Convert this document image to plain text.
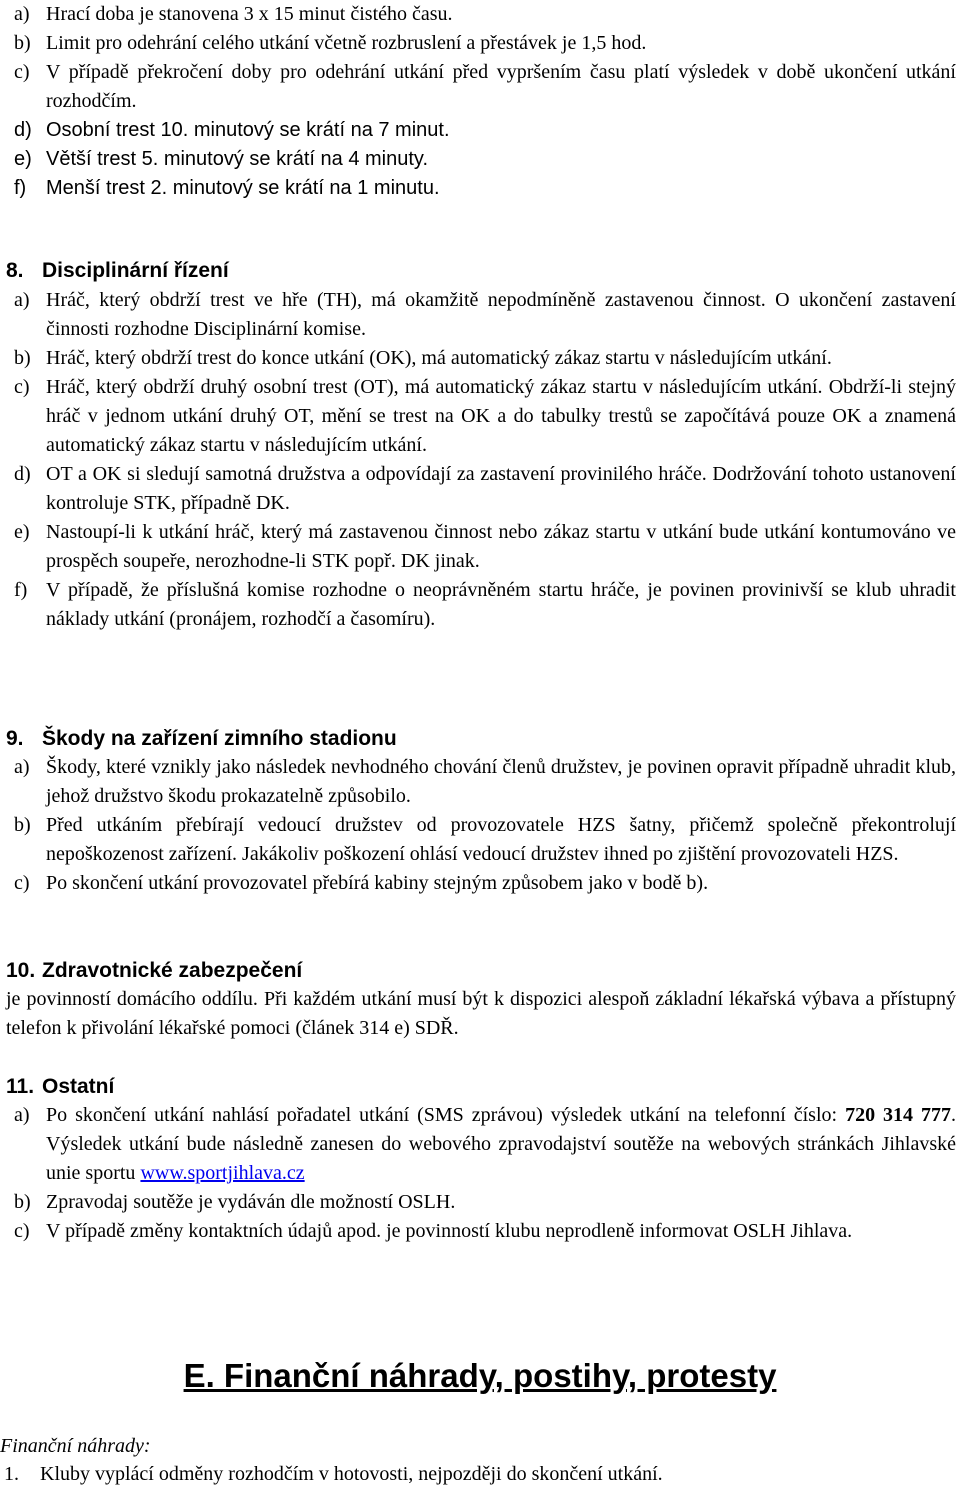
a) Hrací doba je stanovena 3 x 15 minut čistého času.
b) Limit pro odehrání celého utkání včetně rozbruslení a přestávek je 1,5 hod.
c) V případě překročení doby pro odehrání utkání před vypršením času platí výsledek v době ukončení utkání rozhodčím.
d) Osobní trest 10. minutový se krátí na 7 minut.
e) Větší trest 5. minutový se krátí na 4 minuty.
f) Menší trest 2. minutový se krátí na 1 minutu.
8. Disciplinární řízení
a) Hráč, který obdrží trest ve hře (TH), má okamžitě nepodmíněně zastavenou činnost. O ukončení zastavení činnosti rozhodne Disciplinární komise.
b) Hráč, který obdrží trest do konce utkání (OK), má automatický zákaz startu v následujícím utkání.
c) Hráč, který obdrží druhý osobní trest (OT), má automatický zákaz startu v následujícím utkání. Obdrží-li stejný hráč v jednom utkání druhý OT, mění se trest na OK a do tabulky trestů se započítává pouze OK a znamená automatický zákaz startu v následujícím utkání.
d) OT a OK si sledují samotná družstva a odpovídají za zastavení provinilého hráče. Dodržování tohoto ustanovení kontroluje STK, případně DK.
e) Nastoupí-li k utkání hráč, který má zastavenou činnost nebo zákaz startu v utkání bude utkání kontumováno ve prospěch soupeře, nerozhodne-li STK popř. DK jinak.
f) V případě, že příslušná komise rozhodne o neoprávněném startu hráče, je povinen provinivší se klub uhradit náklady utkání (pronájem, rozhodčí a časomíru).
9. Škody na zařízení zimního stadionu
a) Škody, které vznikly jako následek nevhodného chování členů družstev, je povinen opravit případně uhradit klub, jehož družstvo škodu prokazatelně způsobilo.
b) Před utkáním přebírají vedoucí družstev od provozovatele HZS šatny, přičemž společně překontrolují nepoškozenost zařízení. Jakákoliv poškození ohlásí vedoucí družstev ihned po zjištění provozovateli HZS.
c) Po skončení utkání provozovatel přebírá kabiny stejným způsobem jako v bodě b).
10. Zdravotnické zabezpečení
je povinností domácího oddílu. Při každém utkání musí být k dispozici alespoň základní lékařská výbava a přístupný telefon k přivolání lékařské pomoci (článek 314 e) SDŘ.
11. Ostatní
a) Po skončení utkání nahlásí pořadatel utkání (SMS zprávou) výsledek utkání na telefonní číslo: 720 314 777. Výsledek utkání bude následně zanesen do webového zpravodajství soutěže na webových stránkách Jihlavské unie sportu www.sportjihlava.cz
b) Zpravodaj soutěže je vydáván dle možností OSLH.
c) V případě změny kontaktních údajů apod. je povinností klubu neprodleně informovat OSLH Jihlava.
E. Finanční náhrady, postihy, protesty
Finanční náhrady:
1.	Kluby vyplácí odměny rozhodčím v hotovosti, nejpozději do skončení utkání.
